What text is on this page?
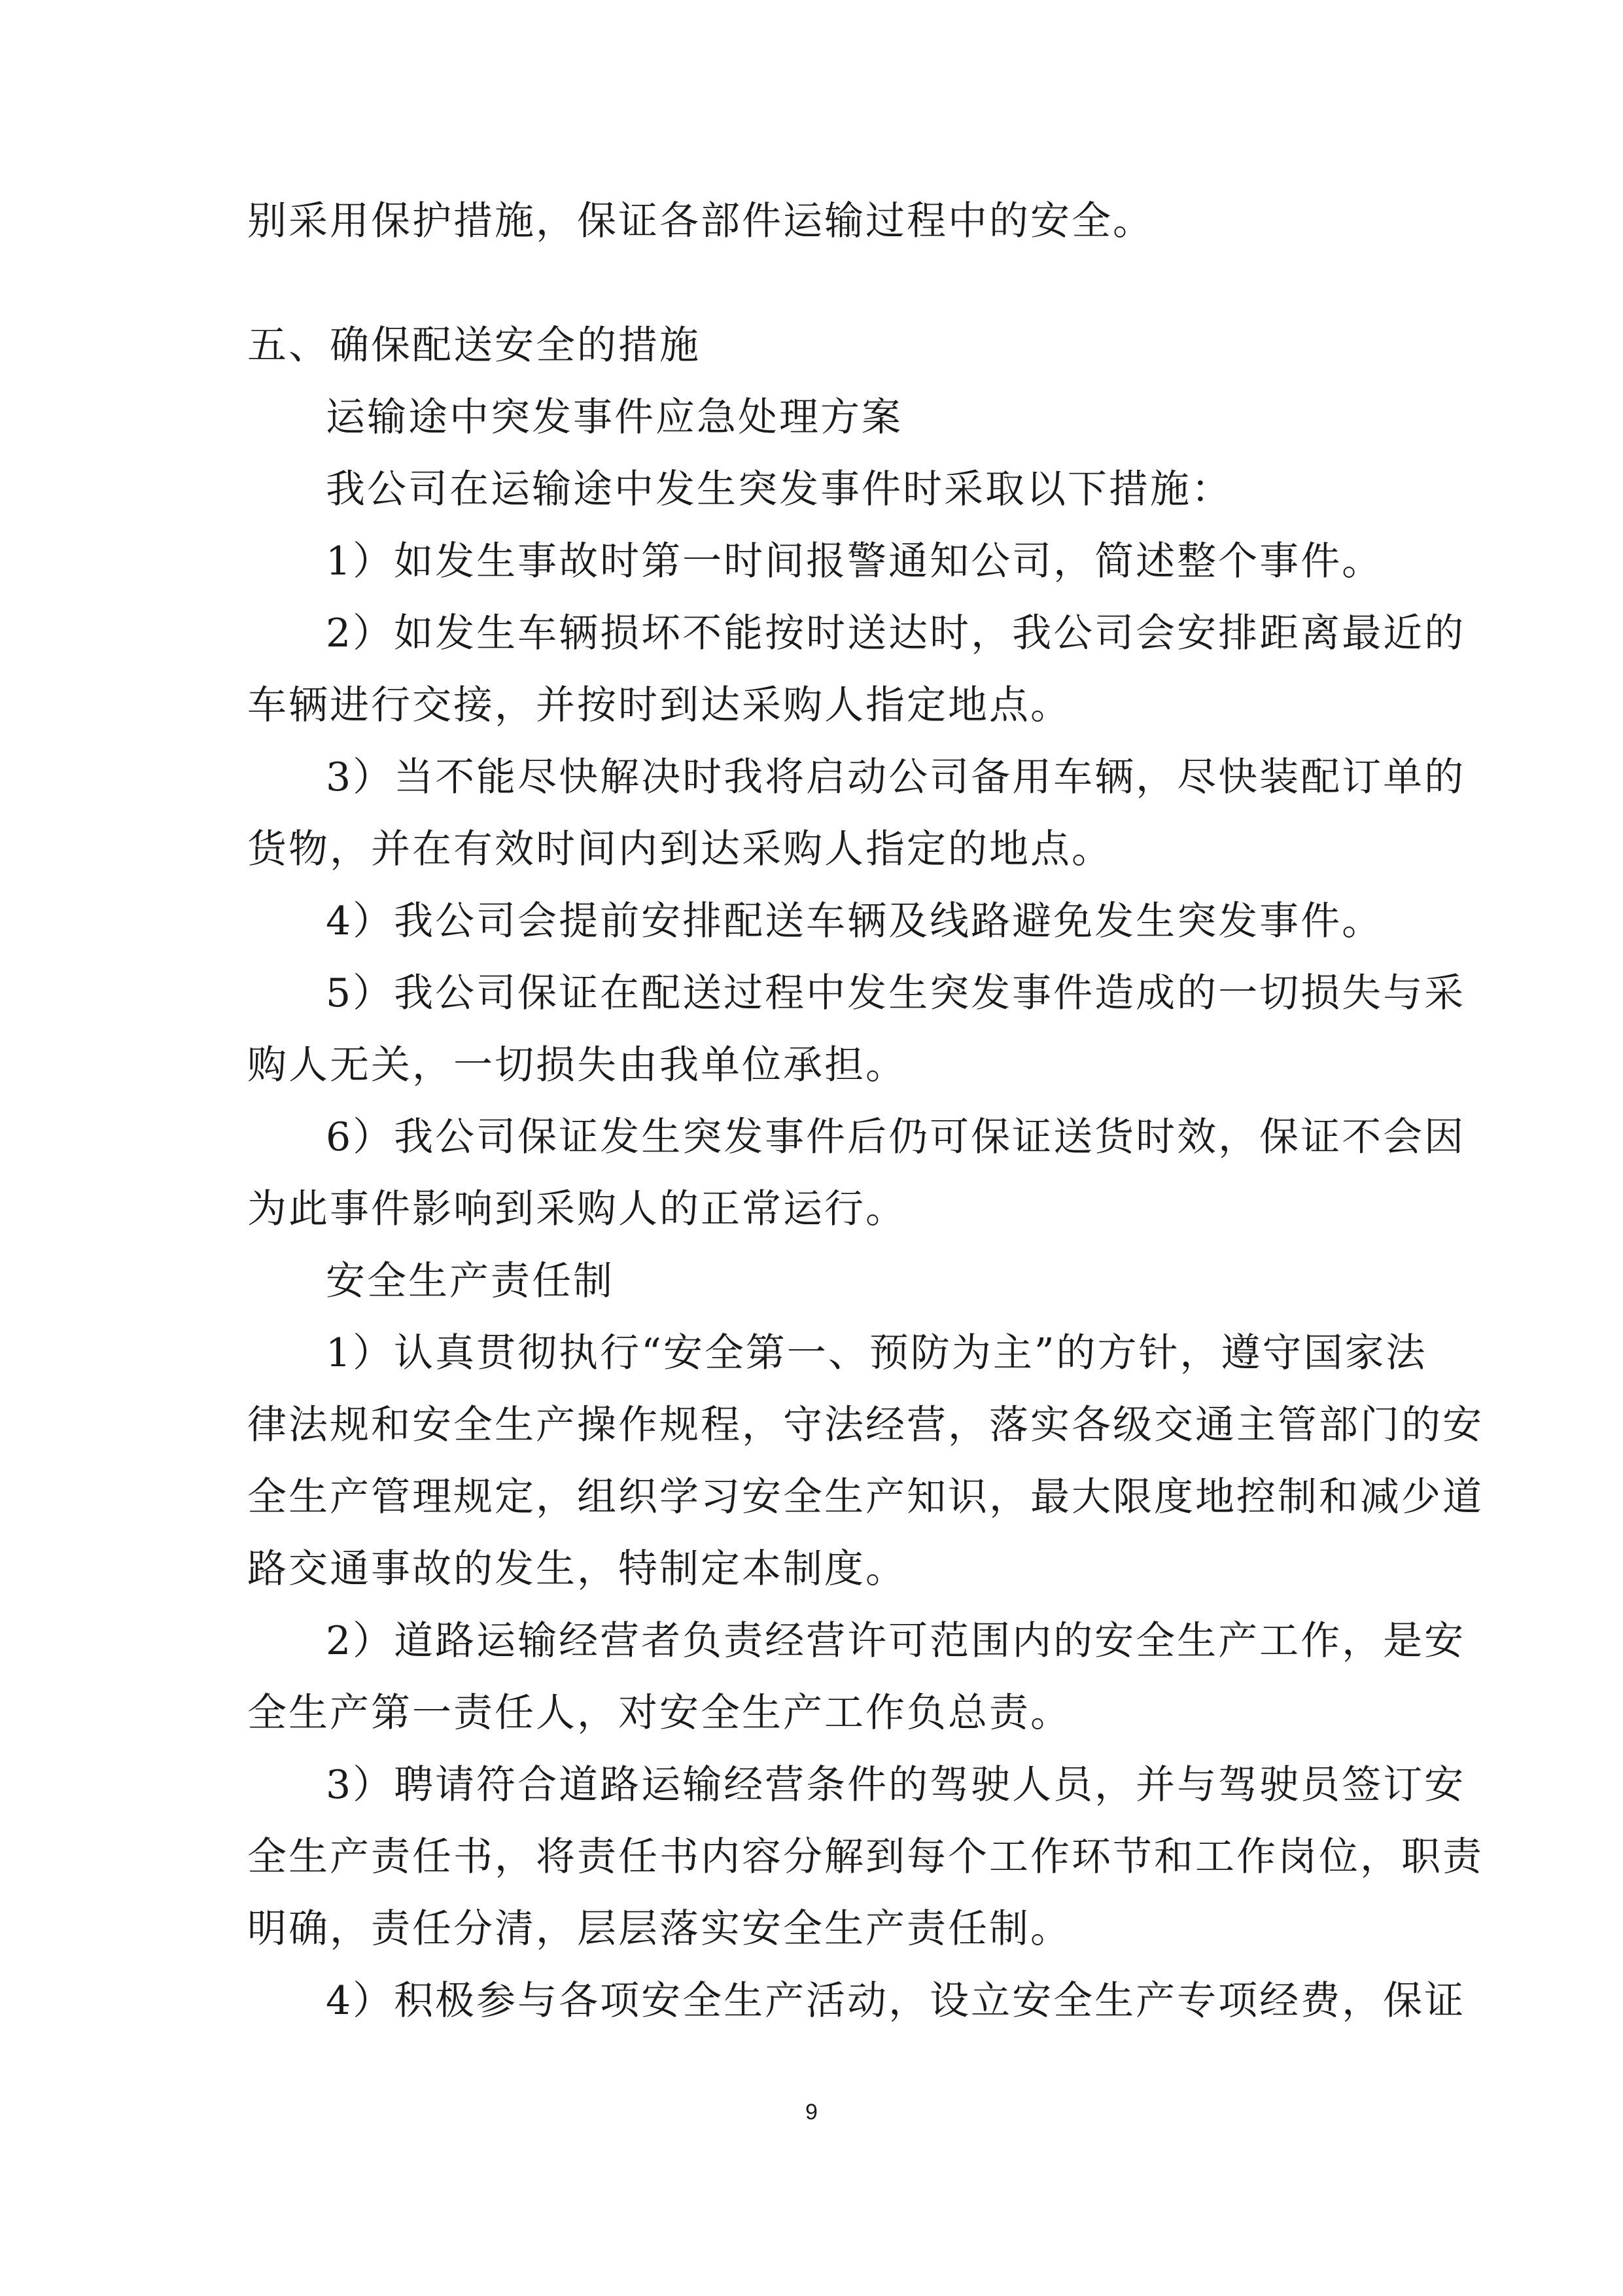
别采用保护措施，保证各部件运输过程中的安全。
五、确保配送安全的措施
运输途中突发事件应急处理方案
我公司在运输途中发生突发事件时采取以下措施：
1）如发生事故时第一时间报警通知公司，简述整个事件。
2）如发生车辆损坏不能按时送达时，我公司会安排距离最近的
车辆进行交接，并按时到达采购人指定地点。
3）当不能尽快解决时我将启动公司备用车辆，尽快装配订单的
货物，并在有效时间内到达采购人指定的地点。
4）我公司会提前安排配送车辆及线路避免发生突发事件。
5）我公司保证在配送过程中发生突发事件造成的一切损失与采
购人无关，一切损失由我单位承担。
6）我公司保证发生突发事件后仍可保证送货时效，保证不会因
为此事件影响到采购人的正常运行。
安全生产责任制
1）认真贯彻执行“安全第一、预防为主”的方针，遵守国家法
律法规和安全生产操作规程，守法经营，落实各级交通主管部门的安
全生产管理规定，组织学习安全生产知识，最大限度地控制和减少道
路交通事故的发生，特制定本制度。
2）道路运输经营者负责经营许可范围内的安全生产工作，是安
全生产第一责任人，对安全生产工作负总责。
3）聘请符合道路运输经营条件的驾驶人员，并与驾驶员签订安
全生产责任书，将责任书内容分解到每个工作环节和工作岗位，职责
明确，责任分清，层层落实安全生产责任制。
4）积极参与各项安全生产活动，设立安全生产专项经费，保证
9
